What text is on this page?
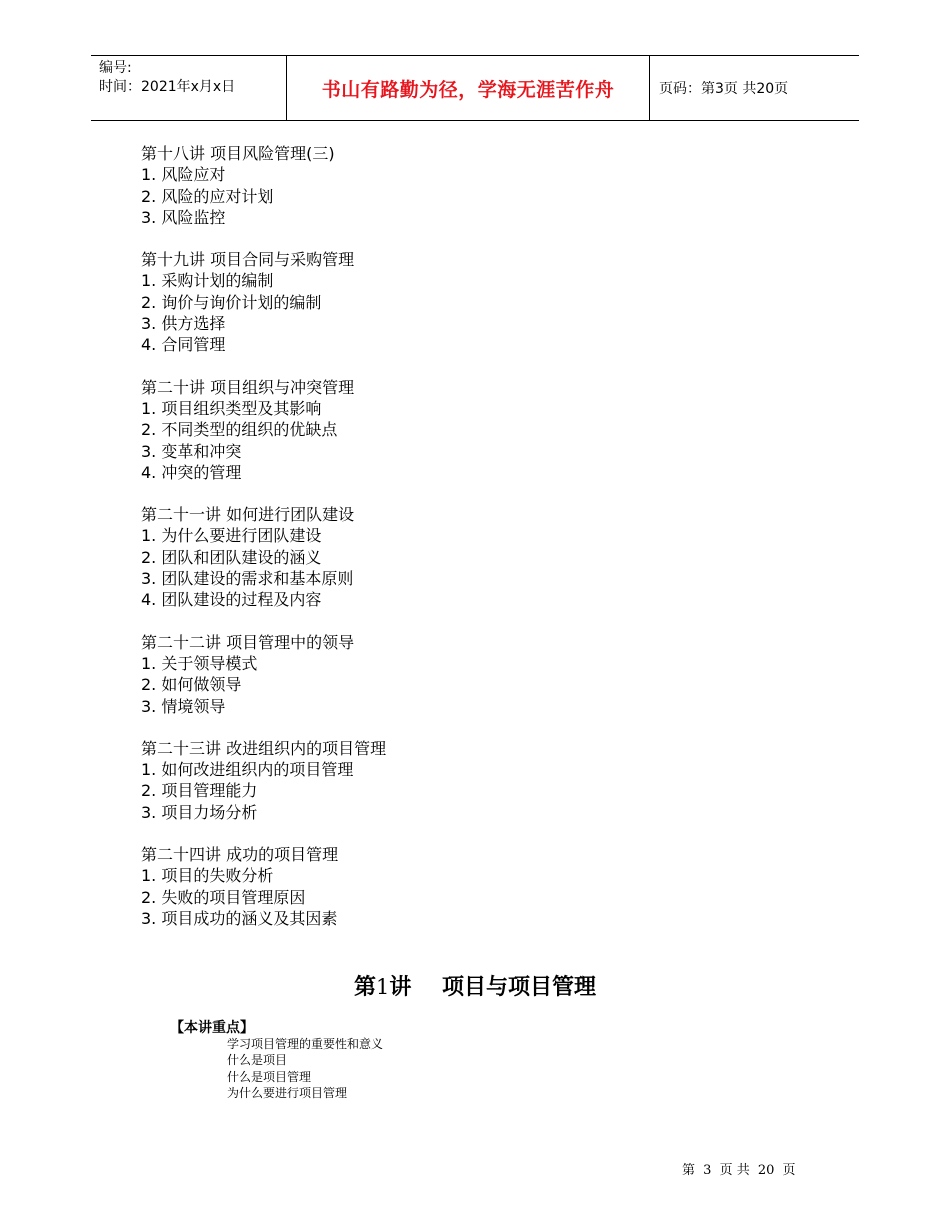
编号:
时间：2021年x月x日	书山有路勤为径，学海无涯苦作舟	页码：第3页 共20页
第十八讲 项目风险管理(三)
1. 风险应对
2. 风险的应对计划
3. 风险监控
第十九讲 项目合同与采购管理
1. 采购计划的编制
2. 询价与询价计划的编制
3. 供方选择
4. 合同管理
第二十讲 项目组织与冲突管理
1. 项目组织类型及其影响
2. 不同类型的组织的优缺点
3. 变革和冲突
4. 冲突的管理
第二十一讲 如何进行团队建设
1. 为什么要进行团队建设
2. 团队和团队建设的涵义
3. 团队建设的需求和基本原则
4. 团队建设的过程及内容
第二十二讲 项目管理中的领导
1. 关于领导模式
2. 如何做领导
3. 情境领导
第二十三讲 改进组织内的项目管理
1. 如何改进组织内的项目管理
2. 项目管理能力
3. 项目力场分析
第二十四讲 成功的项目管理
1. 项目的失败分析
2. 失败的项目管理原因
3. 项目成功的涵义及其因素
第1讲 项目与项目管理
【本讲重点】
学习项目管理的重要性和意义
什么是项目
什么是项目管理
为什么要进行项目管理
第 3 页 共 20 页
